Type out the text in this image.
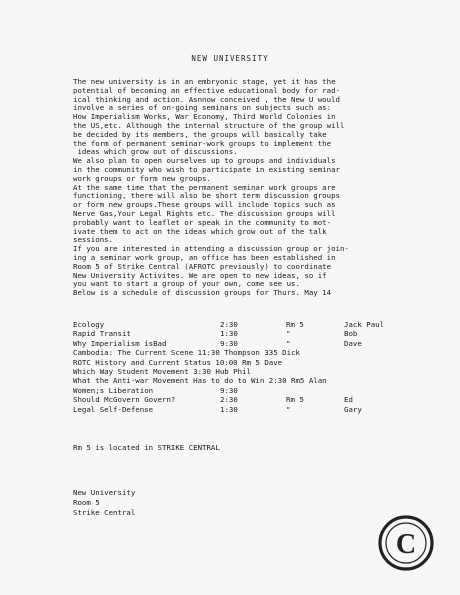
NEW UNIVERSITY

The new university is in an embryonic stage, yet it has the

potential of becoming an effective educational body for rad-

ical thinking and action. Asnnow conceived , the New U would

involve a series of on-going seminars on subjects such as:

How Imperialism Works, War Economy, Third World Colonies in

the US,etc. Although the internal structure of the group will

be decided by its members, the groups will basically take

the form of permanent seminar-work groups to implement the

ideas which grow out of discussions.

We also plan to open ourselves up to groups and individuals

in the community who wish to participate in existing seminar

work groups or form new groups.

At the same time that the permanent seminar work groups are

functioning, there will also be short term discussion groups

or form new groups.These groups will include topics such as

Nerve Gas,Your Legal Rights etc. The discussion groups will

probably want to leaflet or speak in the community to mot-

ivate them to act on the ideas which grow out of the talk

sessions.

If you are interested in attending a discussion group or join-

ing a seminar work group, an office has been established in

Room 5 of Strike Central (AFROTC previously) to coordinate

New University Activites. We are open to new ideas, so if

you want to start a group of your own, come see us.

Below is a schedule of discussion groups for Thurs. May 14

Ecology	2:30	Rm 5	Jack Paul
Rapid Transit	1:30	"	Bob
Why Imperialism isBad	9:30	"	Dave
Cambodia: The Current Scene 11:30 Thompson 335 Dick
ROTC History and Current Status 10:00 Rm 5 Dave
Which Way Student Movement 3:30 Hub Phil
What the Anti-war Movement Has to do to Win 2:30 Rm5 Alan
Women;s Liberation	9:30
Should McGovern Govern?	2:30	Rm 5	Ed
Legal Self-Defense	1:30	"	Gary
Rm 5 is located in STRIKE CENTRAL
New University
Room 5
Strike Central
C
